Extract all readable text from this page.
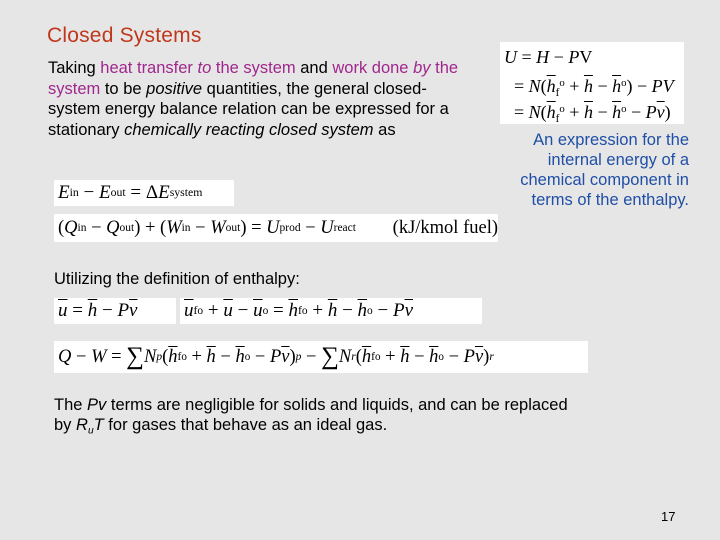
Closed Systems
Taking heat transfer to the system and work done by the system to be positive quantities, the general closed-system energy balance relation can be expressed for a stationary chemically reacting closed system as
E in − E out = Δ E system
( Q in − Q out ) + ( W in − W out ) = U prod − U react (kJ/kmol fuel)
U = H − PV
= $N(\overline{h}_f^o + \overline{h} - \overline{h}^o)$ − PV
= $N(\overline{h}_f^o + \overline{h} - \overline{h}^o - P\overline{v})$
An expression for the internal energy of a chemical component in terms of the enthalpy.
Utilizing the definition of enthalpy:
$\overline{u} = \overline{h} - P$ $\overline{v}$ $\overline{u}$ f $o + \overline{u} - \overline{u}$ $o = \overline{h}$ f $o + \overline{h} - \overline{h}$ o − P $\overline{v}$
Q − W = ∑ N p ( $\overline{h}$ f $o + \overline{h} - \overline{h}$ o − P $\overline{v}$ ) p − ∑ N r ( $\overline{h}$ f $o + \overline{h} - \overline{h}$ o − P $\overline{v}$ ) r
The Pv terms are negligible for solids and liquids, and can be replaced by $R_uT$ for gases that behave as an ideal gas.
17
